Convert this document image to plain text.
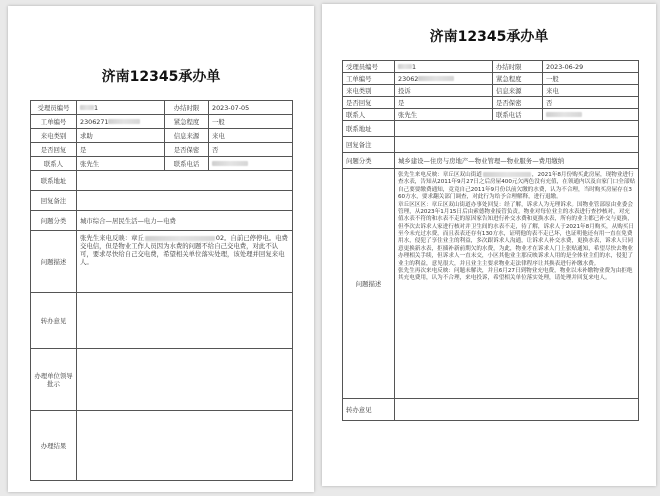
济南12345承办单
受理员编号	1	办结时限	2023-07-05
工单编号	2306271	紧急程度	一般
来电类别	求助	信息来源	来电
是否回复	是	是否保密	否
联系人	张先生	联系电话	
联系地址			
回复备注			
问题分类	城市综合—居民生活—电力—电费		
问题描述	张先生来电反映：章丘 02。自前已停停电。电费交电信，但是物业工作人员因为水费的问题不给自己交电费，对此不认可，要求尽快给自己交电费，希望相关单位落实处理，该处理并回复来电人。		
转办意见			
办理单位领导批示			
办理结果			
济南12345承办单
受理员编号	1	办结时限	2023-06-29
工单编号	23062	紧急程度	一般
来电类别	投诉	信息来源	来电
是否回复	是	是否保密	否
联系人	张先生	联系电话	
联系地址			
回复备注			
问题分类	城乡建设—住房与房地产—物业管理—物业服务—费用缴纳		
问题描述	张先生来电反映：章丘区双山街道 ，2021年8月份购买此房屋，现物业进行查水表，告知从2011年9月27日之后房屋400元欠两色没有充值，在领通内以及自家门口全部贴自己要要缴费通知，竟竟自己2011年9月份以前欠缴的水费，认为不合理，当时购买房屋存在360方水，要求翻关部门调查，对此行为给予合理解释，进行退缴。
章丘区区区：章丘区双山街道办事处回复：经了解，诉求人为无理诉求。国物业管部原由业委会管理，从2023年1月15日后由索德物业接管负责。物业对每位业主的水表进行查抄核对，对充值水表不符的和水表不走的原因家告知进行补交水费和更换水表，所有的业主都已补交与更换，但李次去诉求人家进行核对并卫生间的水表不走，待了解，诉求人于2021年8月购买，从购买日至今未充过水费，而且表表还存有130方水，证明他的表不走已坏，也证明他还有用一直在免费用水，侵犯了享住业主的利益，多次跟诉求人沟通，让诉求人补交水费，更换水表，诉求人只同意更换新水表，拒插补新前期欠的水费，为此，物业才在诉求人门上张贴通知，希望尽快去物业办理相关手续，但诉求人一直未交，小区其他业主那反映诉求人用的是全体业主们的水，侵犯了业主的利益，意见很大，并且业主主要求物业走法律程序让其换表进行补缴水费。
张先生再次来电反映：问题未解决，并且6月27日到物业充电费，物业以未补缴物业费为由拒绝其充电费用，认为不合理，来电投诉，希望相关单位落实处理，请处理并回复来电人。		
转办意见			
